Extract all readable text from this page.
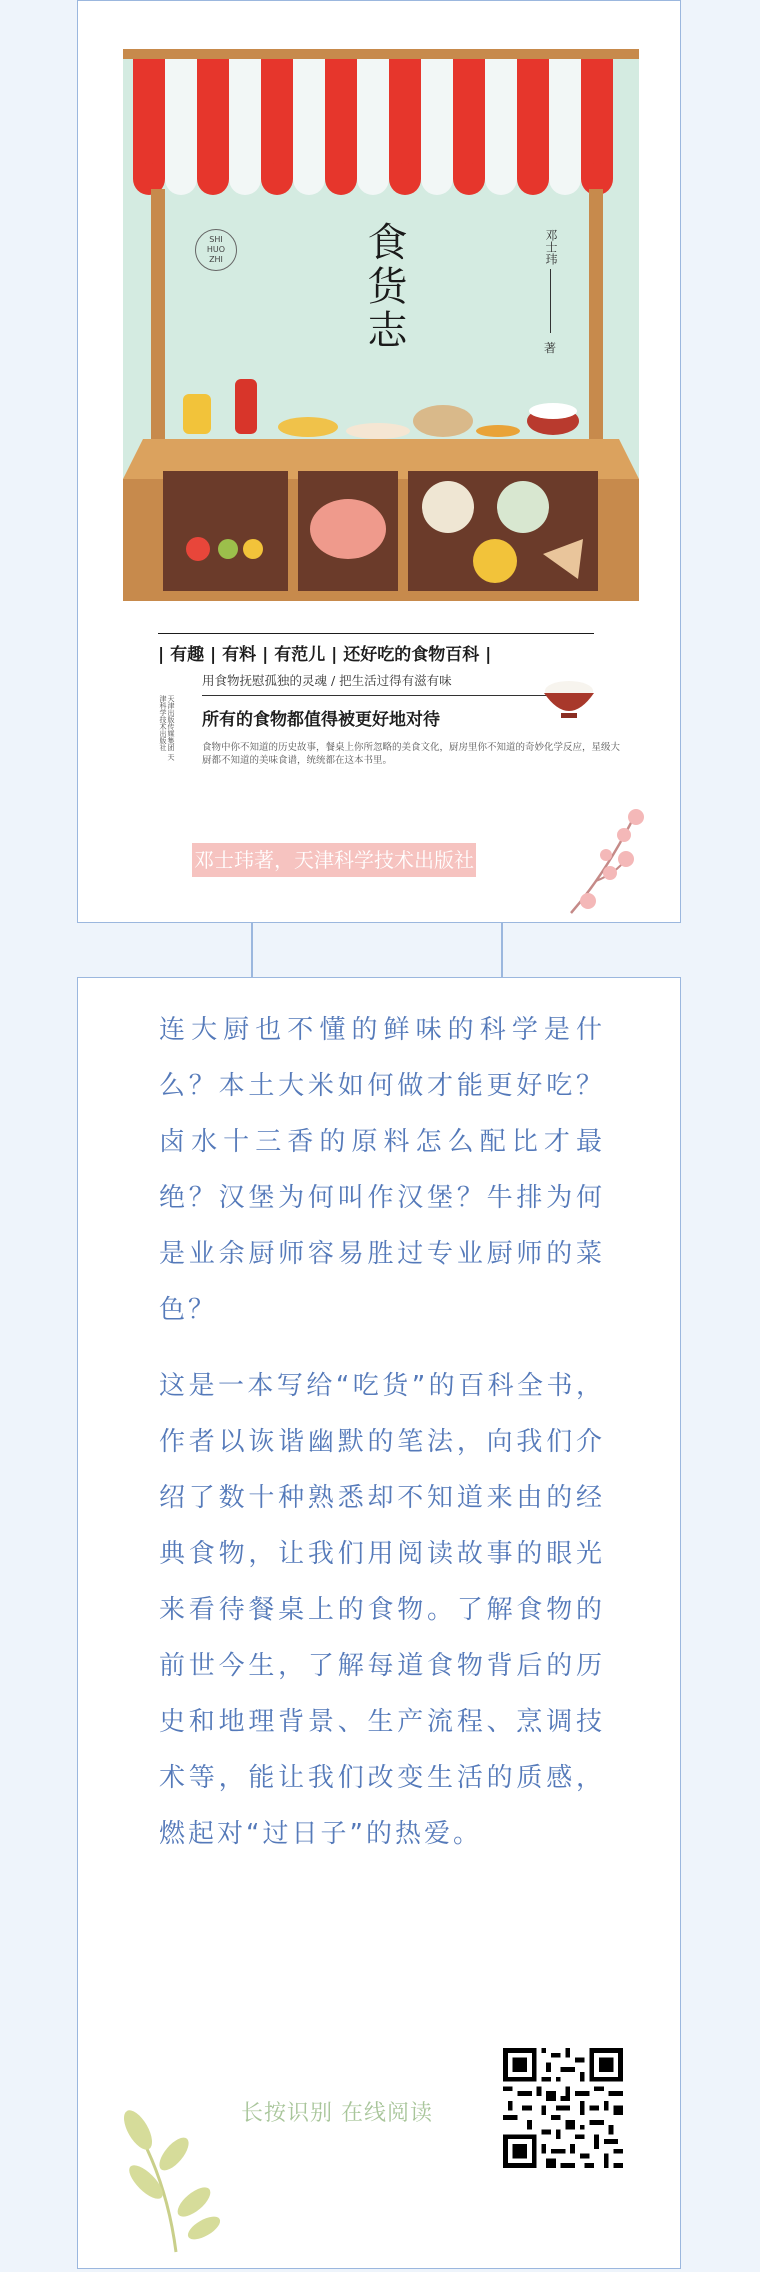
SHI
HUO
ZHI	食货志	邓士玮
著
| 有趣 | 有料 | 有范儿 | 还好吃的食物百科 |
用食物抚慰孤独的灵魂 / 把生活过得有滋有味
所有的食物都值得被更好地对待
食物中你不知道的历史故事，餐桌上你所忽略的美食文化，厨房里你不知道的奇妙化学反应，星级大厨都不知道的美味食谱，统统都在这本书里。
天津出版传媒集团 天津科学技术出版社
邓士玮著，天津科学技术出版社

连大厨也不懂的鲜味的科学是什么？本土大米如何做才能更好吃？卤水十三香的原料怎么配比才最绝？汉堡为何叫作汉堡？牛排为何是业余厨师容易胜过专业厨师的菜色？

这是一本写给“吃货”的百科全书，作者以诙谐幽默的笔法，向我们介绍了数十种熟悉却不知道来由的经典食物，让我们用阅读故事的眼光来看待餐桌上的食物。了解食物的前世今生，了解每道食物背后的历史和地理背景、生产流程、烹调技术等，能让我们改变生活的质感，燃起对“过日子”的热爱。

长按识别 在线阅读
